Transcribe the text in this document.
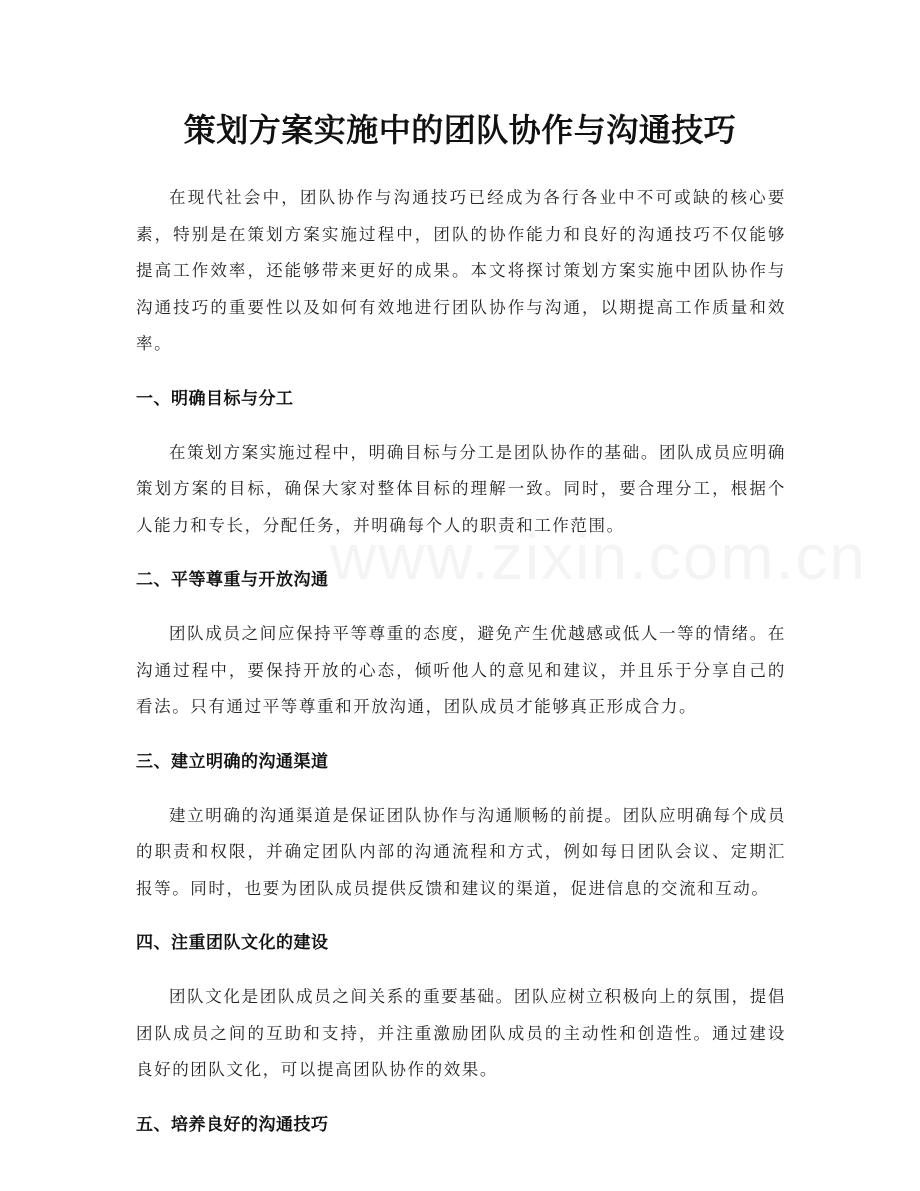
策划方案实施中的团队协作与沟通技巧

在现代社会中，团队协作与沟通技巧已经成为各行各业中不可或缺的核心要素，特别是在策划方案实施过程中，团队的协作能力和良好的沟通技巧不仅能够提高工作效率，还能够带来更好的成果。本文将探讨策划方案实施中团队协作与沟通技巧的重要性以及如何有效地进行团队协作与沟通，以期提高工作质量和效率。

一、明确目标与分工

在策划方案实施过程中，明确目标与分工是团队协作的基础。团队成员应明确策划方案的目标，确保大家对整体目标的理解一致。同时，要合理分工，根据个人能力和专长，分配任务，并明确每个人的职责和工作范围。

二、平等尊重与开放沟通

团队成员之间应保持平等尊重的态度，避免产生优越感或低人一等的情绪。在沟通过程中，要保持开放的心态，倾听他人的意见和建议，并且乐于分享自己的看法。只有通过平等尊重和开放沟通，团队成员才能够真正形成合力。

三、建立明确的沟通渠道

建立明确的沟通渠道是保证团队协作与沟通顺畅的前提。团队应明确每个成员的职责和权限，并确定团队内部的沟通流程和方式，例如每日团队会议、定期汇报等。同时，也要为团队成员提供反馈和建议的渠道，促进信息的交流和互动。

四、注重团队文化的建设

团队文化是团队成员之间关系的重要基础。团队应树立积极向上的氛围，提倡团队成员之间的互助和支持，并注重激励团队成员的主动性和创造性。通过建设良好的团队文化，可以提高团队协作的效果。

五、培养良好的沟通技巧
